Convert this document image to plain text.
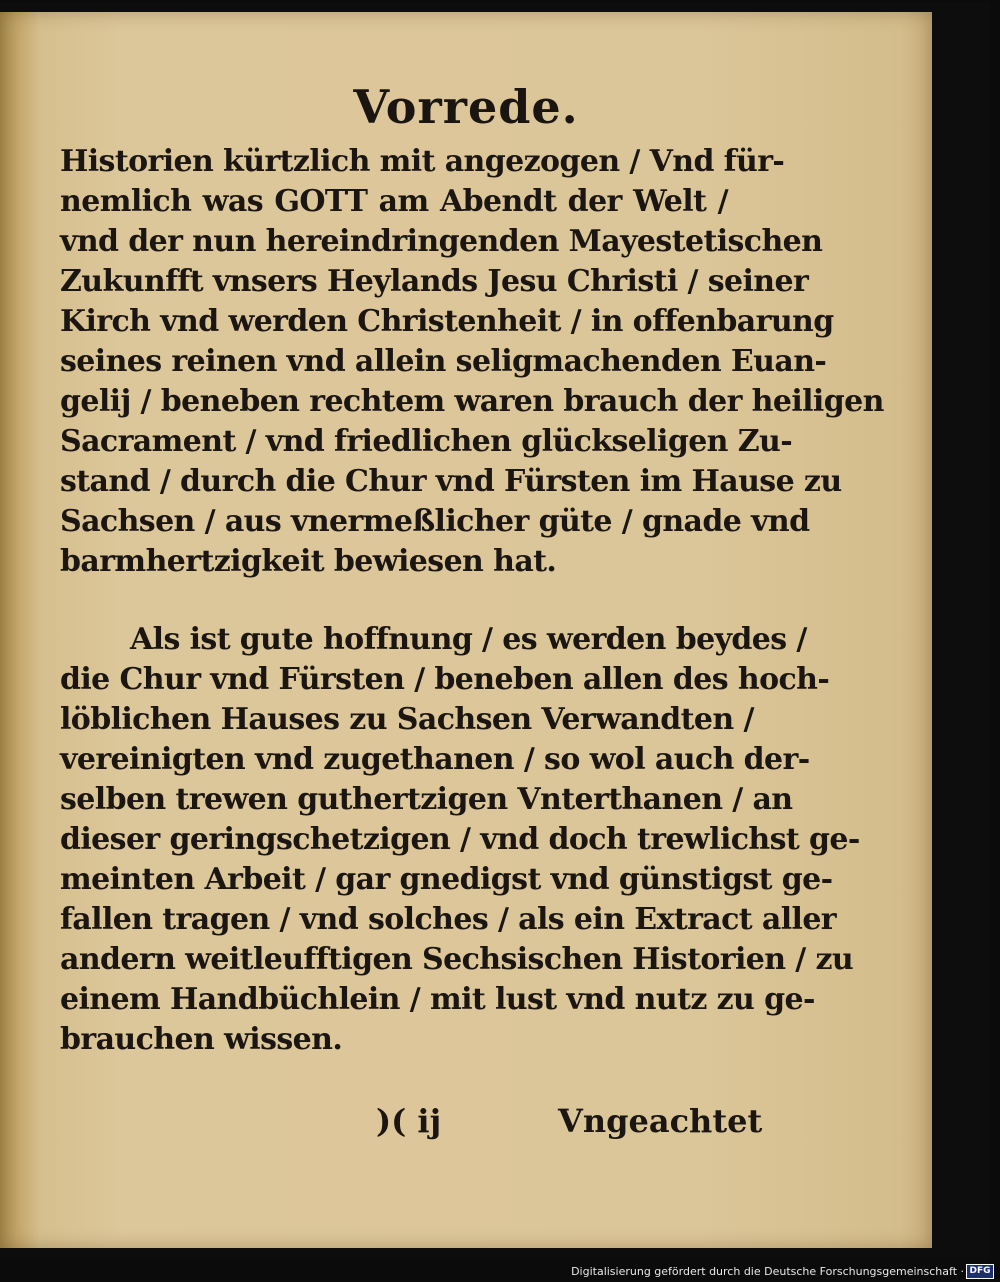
Vorrede.
Historien kürtzlich mit angezogen / Vnd für-
nemlich was GOTT am Abendt der Welt /
vnd der nun hereindringenden Mayestetischen
Zukunfft vnsers Heylands Jesu Christi / seiner
Kirch vnd werden Christenheit / in offenbarung
seines reinen vnd allein seligmachenden Euan-
gelij / beneben rechtem waren brauch der heiligen
Sacrament / vnd friedlichen glückseligen Zu-
stand / durch die Chur vnd Fürsten im Hause zu
Sachsen / aus vnermeßlicher güte / gnade vnd
barmhertzigkeit bewiesen hat.
Als ist gute hoffnung / es werden beydes /
die Chur vnd Fürsten / beneben allen des hoch-
löblichen Hauses zu Sachsen Verwandten /
vereinigten vnd zugethanen / so wol auch der-
selben trewen guthertzigen Vnterthanen / an
dieser geringschetzigen / vnd doch trewlichst ge-
meinten Arbeit / gar gnedigst vnd günstigst ge-
fallen tragen / vnd solches / als ein Extract aller
andern weitleufftigen Sechsischen Historien / zu
einem Handbüchlein / mit lust vnd nutz zu ge-
brauchen wissen.
)( ij	Vngeachtet
Digitalisierung gefördert durch die Deutsche Forschungsgemeinschaft · DFG
